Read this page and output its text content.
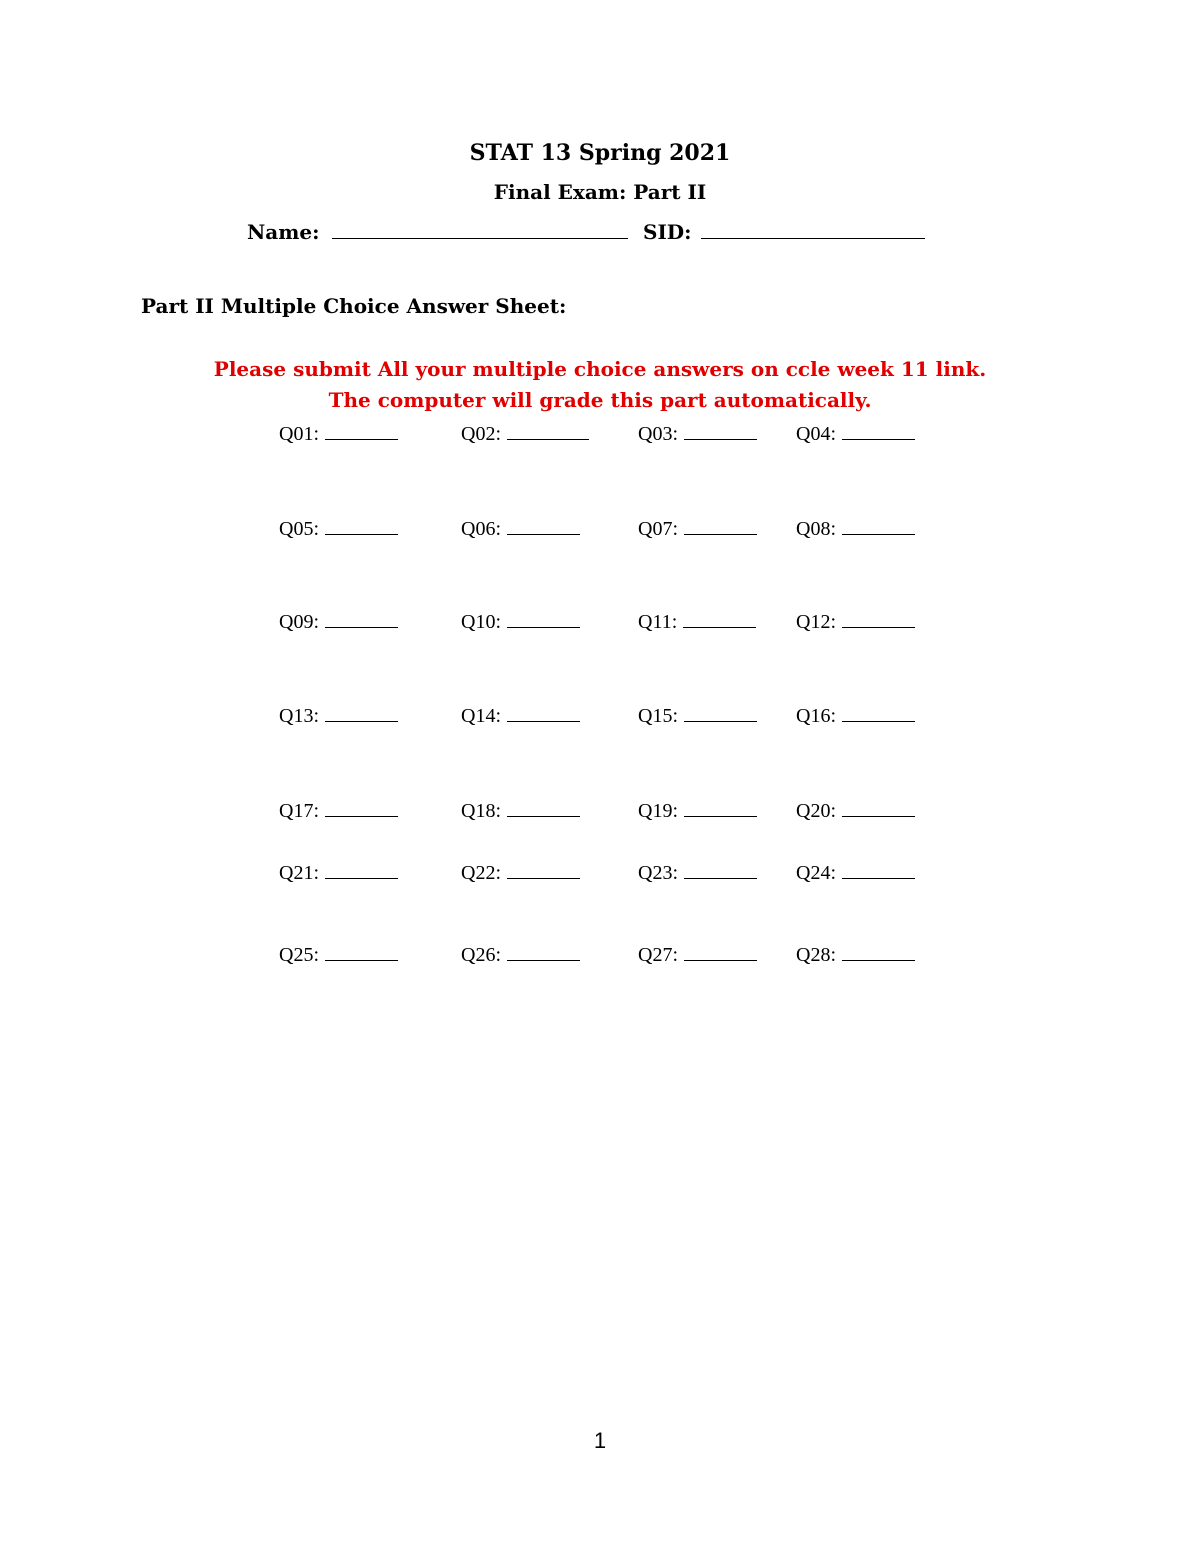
STAT 13 Spring 2021
Final Exam: Part II
Name:	SID:
Part II Multiple Choice Answer Sheet:
Please submit All your multiple choice answers on ccle week 11 link.
The computer will grade this part automatically.
Q01:	Q02:	Q03:	Q04:
Q05:	Q06:	Q07:	Q08:
Q09:	Q10:	Q11:	Q12:
Q13:	Q14:	Q15:	Q16:
Q17:	Q18:	Q19:	Q20:
Q21:	Q22:	Q23:	Q24:
Q25:	Q26:	Q27:	Q28:
1
